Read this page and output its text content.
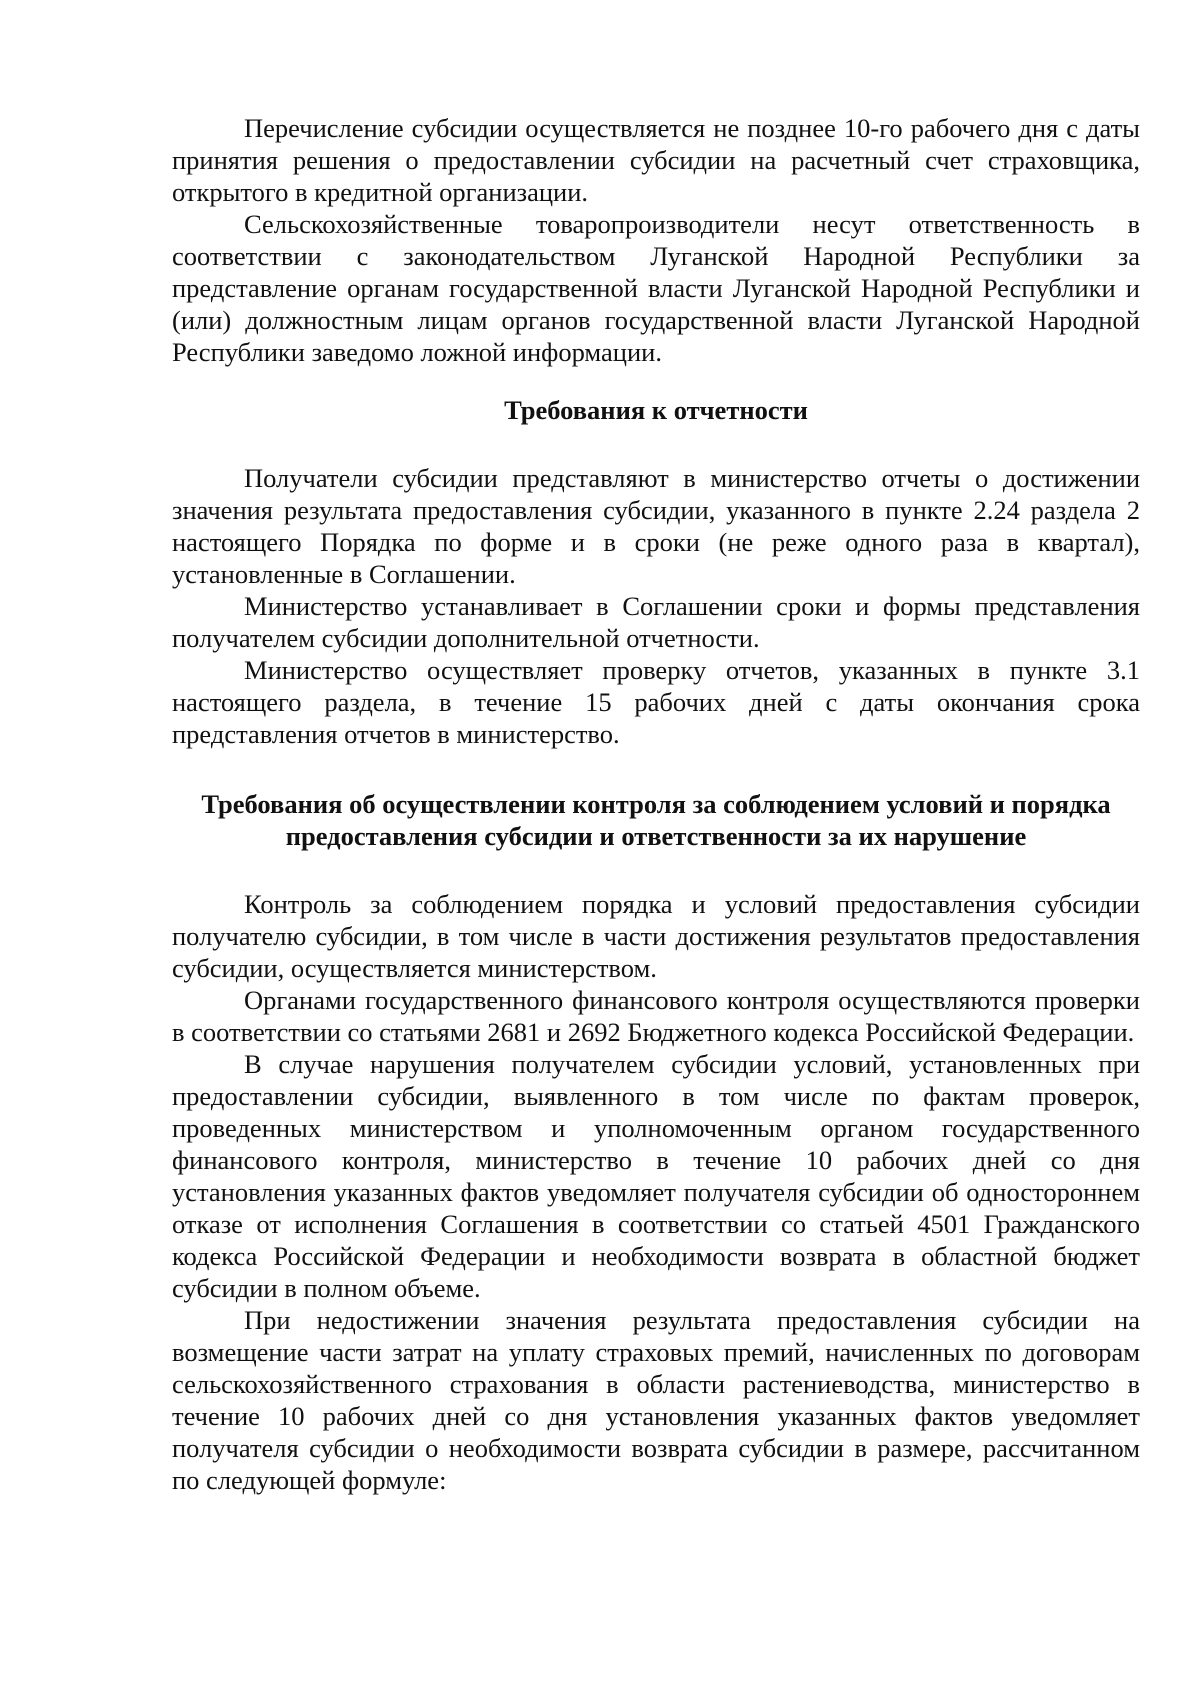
Перечисление субсидии осуществляется не позднее 10-го рабочего дня с даты принятия решения о предоставлении субсидии на расчетный счет страховщика, открытого в кредитной организации.

Сельскохозяйственные товаропроизводители несут ответственность в соответствии с законодательством Луганской Народной Республики за представление органам государственной власти Луганской Народной Республики и (или) должностным лицам органов государственной власти Луганской Народной Республики заведомо ложной информации.

Требования к отчетности

Получатели субсидии представляют в министерство отчеты о достижении значения результата предоставления субсидии, указанного в пункте 2.24 раздела 2 настоящего Порядка по форме и в сроки (не реже одного раза в квартал), установленные в Соглашении.

Министерство устанавливает в Соглашении сроки и формы представления получателем субсидии дополнительной отчетности.

Министерство осуществляет проверку отчетов, указанных в пункте 3.1 настоящего раздела, в течение 15 рабочих дней с даты окончания срока представления отчетов в министерство.

Требования об осуществлении контроля за соблюдением условий и порядка

предоставления субсидии и ответственности за их нарушение

Контроль за соблюдением порядка и условий предоставления субсидии получателю субсидии, в том числе в части достижения результатов предоставления субсидии, осуществляется министерством.

Органами государственного финансового контроля осуществляются проверки в соответствии со статьями 2681 и 2692 Бюджетного кодекса Российской Федерации.

В случае нарушения получателем субсидии условий, установленных при предоставлении субсидии, выявленного в том числе по фактам проверок, проведенных министерством и уполномоченным органом государственного финансового контроля, министерство в течение 10 рабочих дней со дня установления указанных фактов уведомляет получателя субсидии об одностороннем отказе от исполнения Соглашения в соответствии со статьей 4501 Гражданского кодекса Российской Федерации и необходимости возврата в областной бюджет субсидии в полном объеме.

При недостижении значения результата предоставления субсидии на возмещение части затрат на уплату страховых премий, начисленных по договорам сельскохозяйственного страхования в области растениеводства, министерство в течение 10 рабочих дней со дня установления указанных фактов уведомляет получателя субсидии о необходимости возврата субсидии в размере, рассчитанном по следующей формуле:
